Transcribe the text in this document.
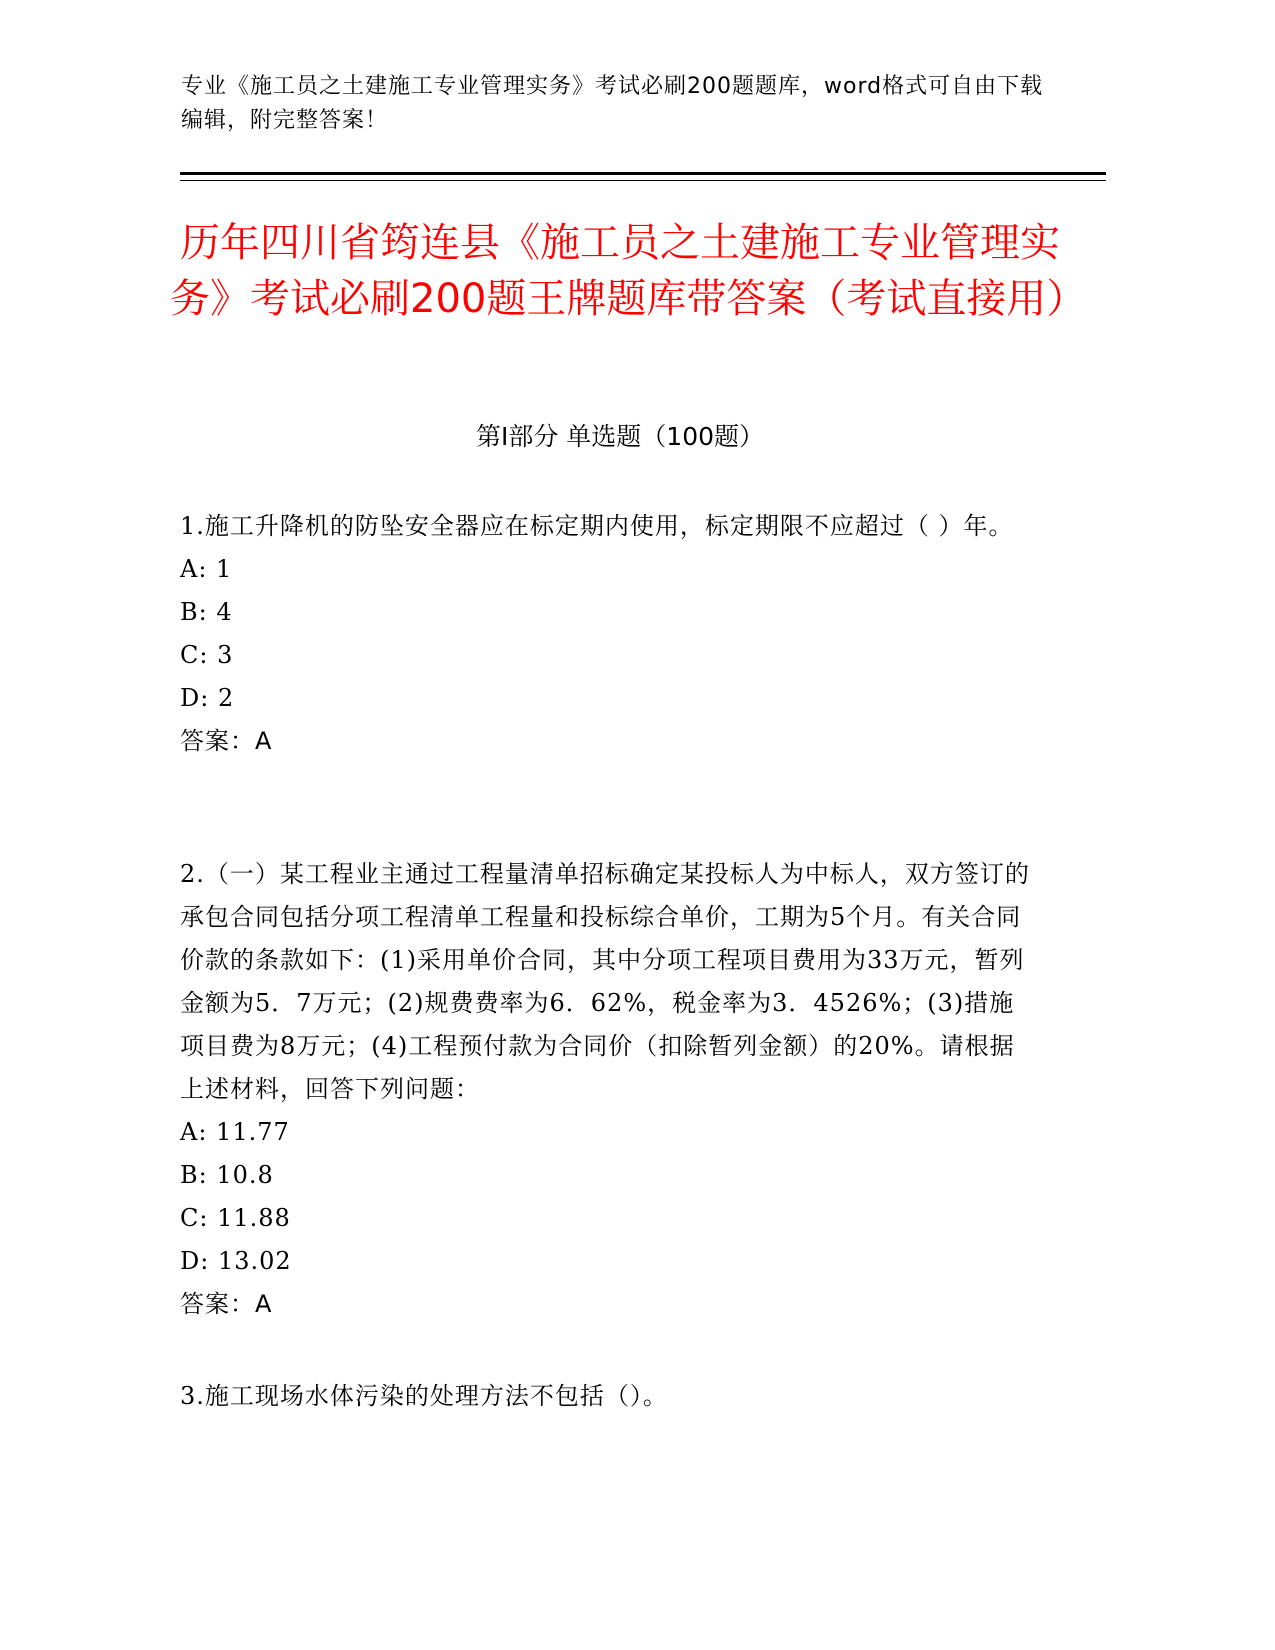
专业《施工员之土建施工专业管理实务》考试必刷200题题库，word格式可自由下载编辑，附完整答案！
历年四川省筠连县《施工员之土建施工专业管理实务》考试必刷200题王牌题库带答案（考试直接用）
第I部分 单选题（100题）

1.施工升降机的防坠安全器应在标定期内使用，标定期限不应超过（ ）年。

A: 1

B: 4

C: 3

D: 2

答案：A

2.（一）某工程业主通过工程量清单招标确定某投标人为中标人，双方签订的承包合同包括分项工程清单工程量和投标综合单价，工期为5个月。有关合同价款的条款如下：(1)采用单价合同，其中分项工程项目费用为33万元，暂列金额为5．7万元；(2)规费费率为6．62%，税金率为3．4526%；(3)措施项目费为8万元；(4)工程预付款为合同价（扣除暂列金额）的20%。请根据上述材料，回答下列问题：

A: 11.77

B: 10.8

C: 11.88

D: 13.02

答案：A

3.施工现场水体污染的处理方法不包括（）。
